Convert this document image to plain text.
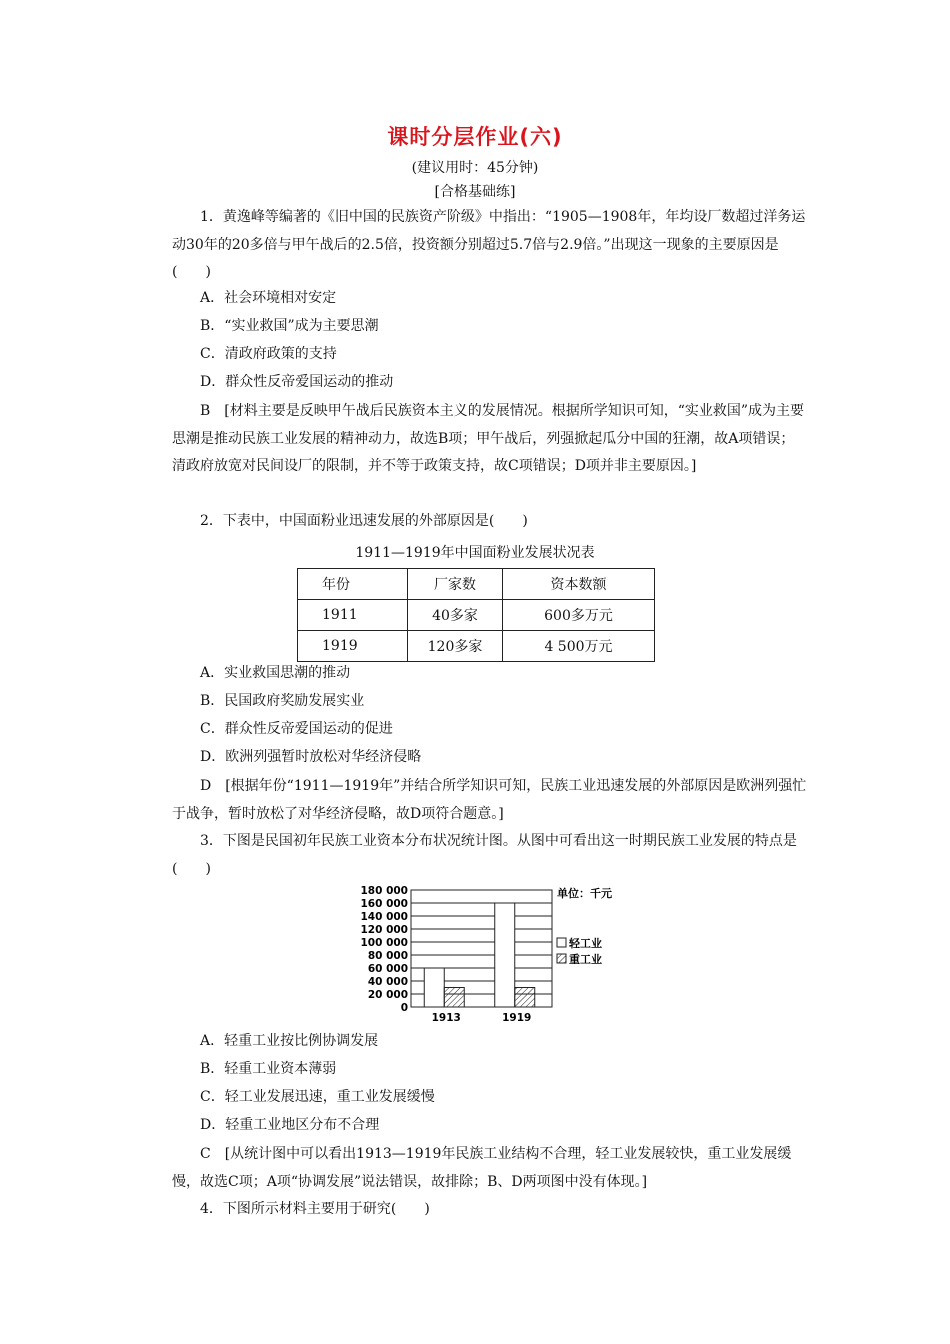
课时分层作业(六)
(建议用时：45分钟)
[合格基础练]
1．黄逸峰等编著的《旧中国的民族资产阶级》中指出：“1905—1908年，年均设厂数超过洋务运动30年的20多倍与甲午战后的2.5倍，投资额分别超过5.7倍与2.9倍。”出现这一现象的主要原因是(　　)
A．社会环境相对安定
B．“实业救国”成为主要思潮
C．清政府政策的支持
D．群众性反帝爱国运动的推动
B　[材料主要是反映甲午战后民族资本主义的发展情况。根据所学知识可知，“实业救国”成为主要思潮是推动民族工业发展的精神动力，故选B项；甲午战后，列强掀起瓜分中国的狂潮，故A项错误；清政府放宽对民间设厂的限制，并不等于政策支持，故C项错误；D项并非主要原因。]
2．下表中，中国面粉业迅速发展的外部原因是(　　)
1911—1919年中国面粉业发展状况表
年份	厂家数	资本数额
1911	40多家	600多万元
1919	120多家	4 500万元
A．实业救国思潮的推动
B．民国政府奖励发展实业
C．群众性反帝爱国运动的促进
D．欧洲列强暂时放松对华经济侵略
D　[根据年份“1911—1919年”并结合所学知识可知，民族工业迅速发展的外部原因是欧洲列强忙于战争，暂时放松了对华经济侵略，故D项符合题意。]
3．下图是民国初年民族工业资本分布状况统计图。从图中可看出这一时期民族工业发展的特点是(　　)
180 000
160 000
140 000
120 000
100 000
80 000
60 000
40 000
20 000
0
1913	1919
单位：千元
轻工业
重工业
A．轻重工业按比例协调发展
B．轻重工业资本薄弱
C．轻工业发展迅速，重工业发展缓慢
D．轻重工业地区分布不合理
C　[从统计图中可以看出1913—1919年民族工业结构不合理，轻工业发展较快，重工业发展缓慢，故选C项；A项“协调发展”说法错误，故排除；B、D两项图中没有体现。]
4．下图所示材料主要用于研究(　　)
